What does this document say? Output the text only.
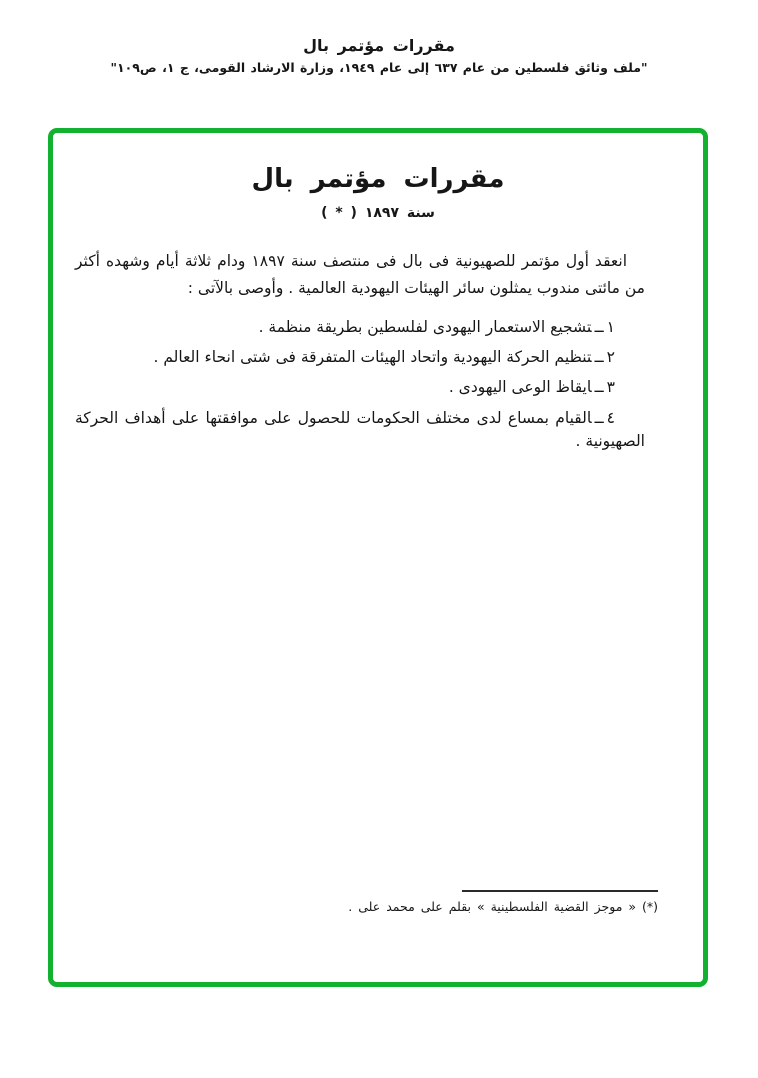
مقررات مؤتمر بال
"ملف وثائق فلسطين من عام ٦٣٧ إلى عام ١٩٤٩، وزارة الارشاد القومى، ج ١، ص١٠٩"
مقررات مؤتمر بال
سنة ١٨٩٧ ( * )

انعقد أول مؤتمر للصهيونية فى بال فى منتصف سنة ١٨٩٧ ودام ثلاثة أيام وشهده أكثر من مائتى مندوب يمثلون سائر الهيئات اليهودية العالمية . وأوصى بالآتى :

١ــتشجيع الاستعمار اليهودى لفلسطين بطريقة منظمة .
٢ــتنظيم الحركة اليهودية واتحاد الهيئات المتفرقة فى شتى انحاء العالم .
٣ــايقاظ الوعى اليهودى .
٤ــالقيام بمساع لدى مختلف الحكومات للحصول على موافقتها على أهداف الحركة الصهيونية .
(*) « موجز القضية الفلسطينية » بقلم على محمد على .
